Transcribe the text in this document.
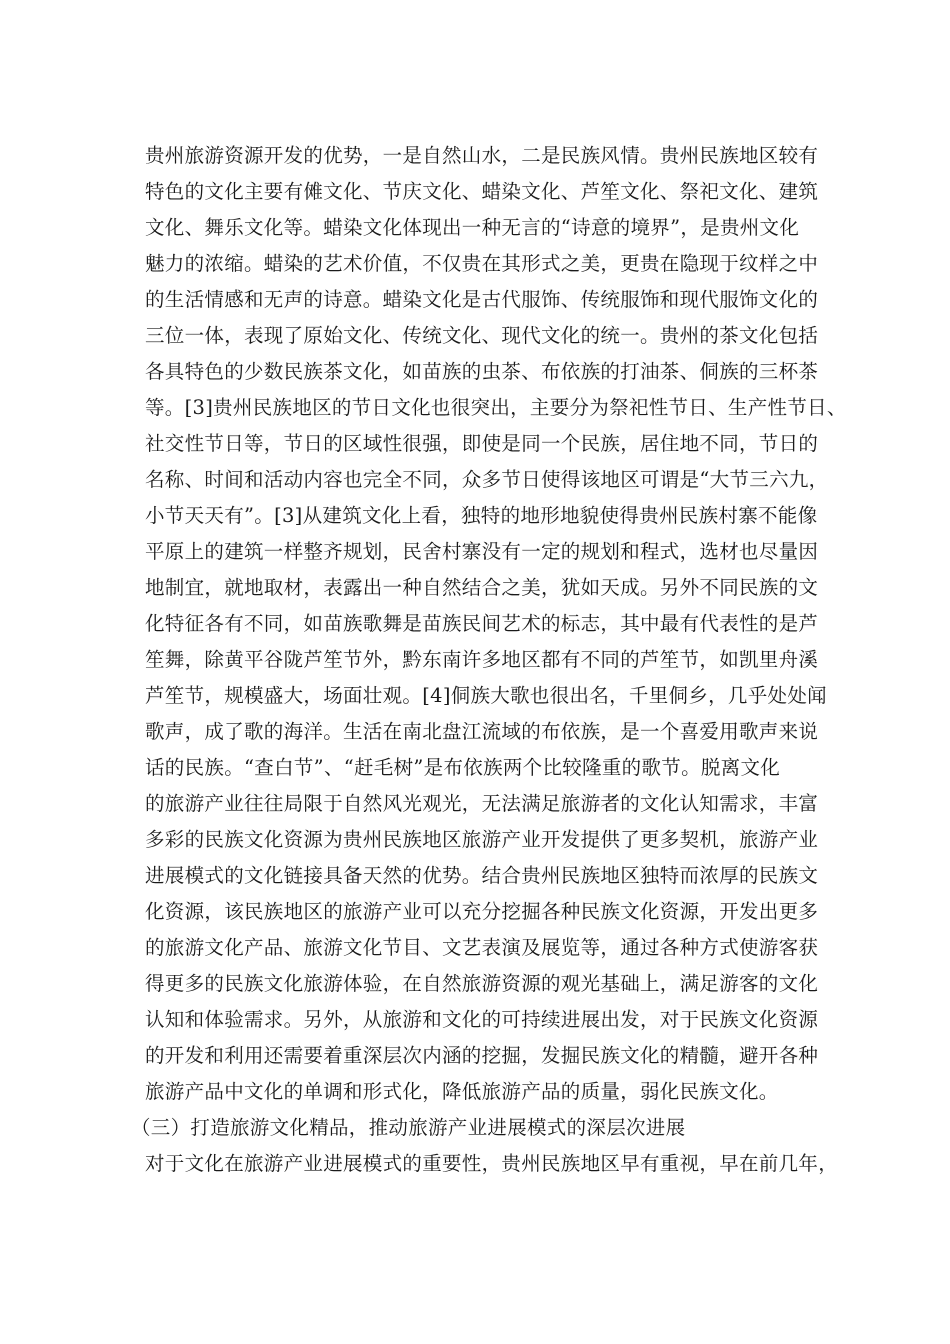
贵州旅游资源开发的优势，一是自然山水，二是民族风情。贵州民族地区较有
特色的文化主要有傩文化、节庆文化、蜡染文化、芦笙文化、祭祀文化、建筑
文化、舞乐文化等。蜡染文化体现出一种无言的“诗意的境界”，是贵州文化
魅力的浓缩。蜡染的艺术价值，不仅贵在其形式之美，更贵在隐现于纹样之中
的生活情感和无声的诗意。蜡染文化是古代服饰、传统服饰和现代服饰文化的
三位一体，表现了原始文化、传统文化、现代文化的统一。贵州的茶文化包括
各具特色的少数民族茶文化，如苗族的虫茶、布依族的打油茶、侗族的三杯茶
等。[3]贵州民族地区的节日文化也很突出，主要分为祭祀性节日、生产性节日、
社交性节日等，节日的区域性很强，即使是同一个民族，居住地不同，节日的
名称、时间和活动内容也完全不同，众多节日使得该地区可谓是“大节三六九，
小节天天有”。[3]从建筑文化上看，独特的地形地貌使得贵州民族村寨不能像
平原上的建筑一样整齐规划，民舍村寨没有一定的规划和程式，选材也尽量因
地制宜，就地取材，表露出一种自然结合之美，犹如天成。另外不同民族的文
化特征各有不同，如苗族歌舞是苗族民间艺术的标志，其中最有代表性的是芦
笙舞，除黄平谷陇芦笙节外，黔东南许多地区都有不同的芦笙节，如凯里舟溪
芦笙节，规模盛大，场面壮观。[4]侗族大歌也很出名，千里侗乡，几乎处处闻
歌声，成了歌的海洋。生活在南北盘江流域的布依族，是一个喜爱用歌声来说
话的民族。“查白节”、“赶毛树”是布依族两个比较隆重的歌节。脱离文化
的旅游产业往往局限于自然风光观光，无法满足旅游者的文化认知需求，丰富
多彩的民族文化资源为贵州民族地区旅游产业开发提供了更多契机，旅游产业
进展模式的文化链接具备天然的优势。结合贵州民族地区独特而浓厚的民族文
化资源，该民族地区的旅游产业可以充分挖掘各种民族文化资源，开发出更多
的旅游文化产品、旅游文化节目、文艺表演及展览等，通过各种方式使游客获
得更多的民族文化旅游体验，在自然旅游资源的观光基础上，满足游客的文化
认知和体验需求。另外，从旅游和文化的可持续进展出发，对于民族文化资源
的开发和利用还需要着重深层次内涵的挖掘，发掘民族文化的精髓，避开各种
旅游产品中文化的单调和形式化，降低旅游产品的质量，弱化民族文化。
（三）打造旅游文化精品，推动旅游产业进展模式的深层次进展
对于文化在旅游产业进展模式的重要性，贵州民族地区早有重视，早在前几年，
